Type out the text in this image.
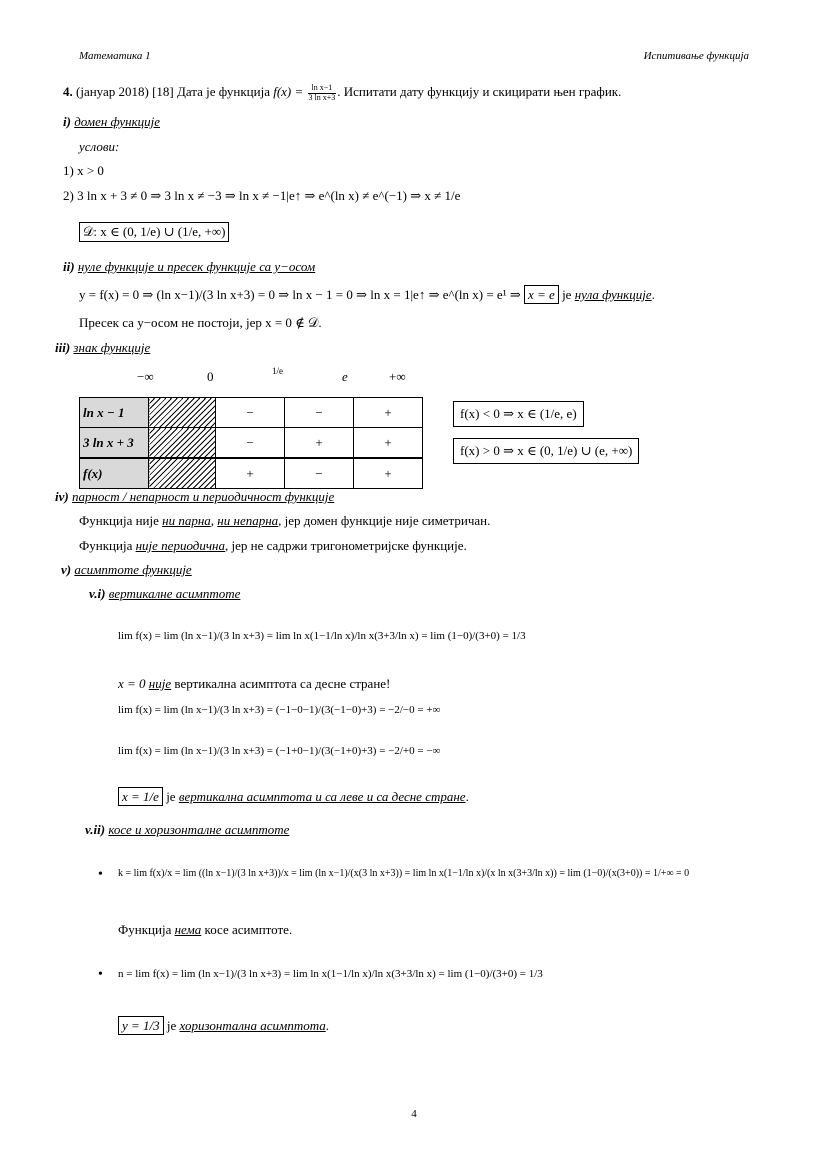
Математика 1	Испитивање функција
4. (јануар 2018) [18] Дата је функција $f(x) = \frac{\text{ln x−1}}{\text{3 ln x+3}}$ . Испитати дату функцију и скицирати њен график.
i) домен функције
услови:
1) x > 0
2) 3 ln x + 3 ≠ 0 ⇒ 3 ln x ≠ −3 ⇒ ln x ≠ −1|e↑ ⇒ e^(ln x) ≠ e^(−1) ⇒ x ≠ 1/e
𝒟: x ∈ (0, 1/e) ∪ (1/e, +∞)
ii) нуле функције и пресек функције са y−осом
y = f(x) = 0 ⇒ (ln x−1)/(3 ln x+3) = 0 ⇒ ln x − 1 = 0 ⇒ ln x = 1|e↑ ⇒ e^(ln x) = e¹ ⇒ x = e је нула функције.
Пресек са y−осом не постоји, јер x = 0 ∉ 𝒟.
iii) знак функције
−∞	0	1/e	e	+∞
ln x − 1		−	−	+
3 ln x + 3		−	+	+
f(x)		+	−	+
f(x) < 0 ⇒ x ∈ (1/e, e)
f(x) > 0 ⇒ x ∈ (0, 1/e) ∪ (e, +∞)
iv) парност / непарност и периодичност функције
Функција није ни парна, ни непарна, јер домен функције није симетричан.
Функција није периодична, јер не садржи тригонометријске функције.
v) асимптоте функције
v.i) вертикалне асимптоте
lim f(x) = lim (ln x−1)/(3 ln x+3) = lim ln x(1−1/ln x)/ln x(3+3/ln x) = lim (1−0)/(3+0) = 1/3
x = 0 није вертикална асимптота са десне стране!
lim f(x) = lim (ln x−1)/(3 ln x+3) = (−1−0−1)/(3(−1−0)+3) = −2/−0 = +∞
lim f(x) = lim (ln x−1)/(3 ln x+3) = (−1+0−1)/(3(−1+0)+3) = −2/+0 = −∞
x = 1/e је вертикална асимптота и са леве и са десне стране.
v.ii) косе и хоризонталне асимптоте
• k = lim f(x)/x = lim ((ln x−1)/(3 ln x+3))/x = lim (ln x−1)/(x(3 ln x+3)) = lim ln x(1−1/ln x)/(x ln x(3+3/ln x)) = lim (1−0)/(x(3+0)) = 1/+∞ = 0
Функција нема косе асимптоте.
• n = lim f(x) = lim (ln x−1)/(3 ln x+3) = lim ln x(1−1/ln x)/ln x(3+3/ln x) = lim (1−0)/(3+0) = 1/3
y = 1/3 је хоризонтална асимптота.
4
